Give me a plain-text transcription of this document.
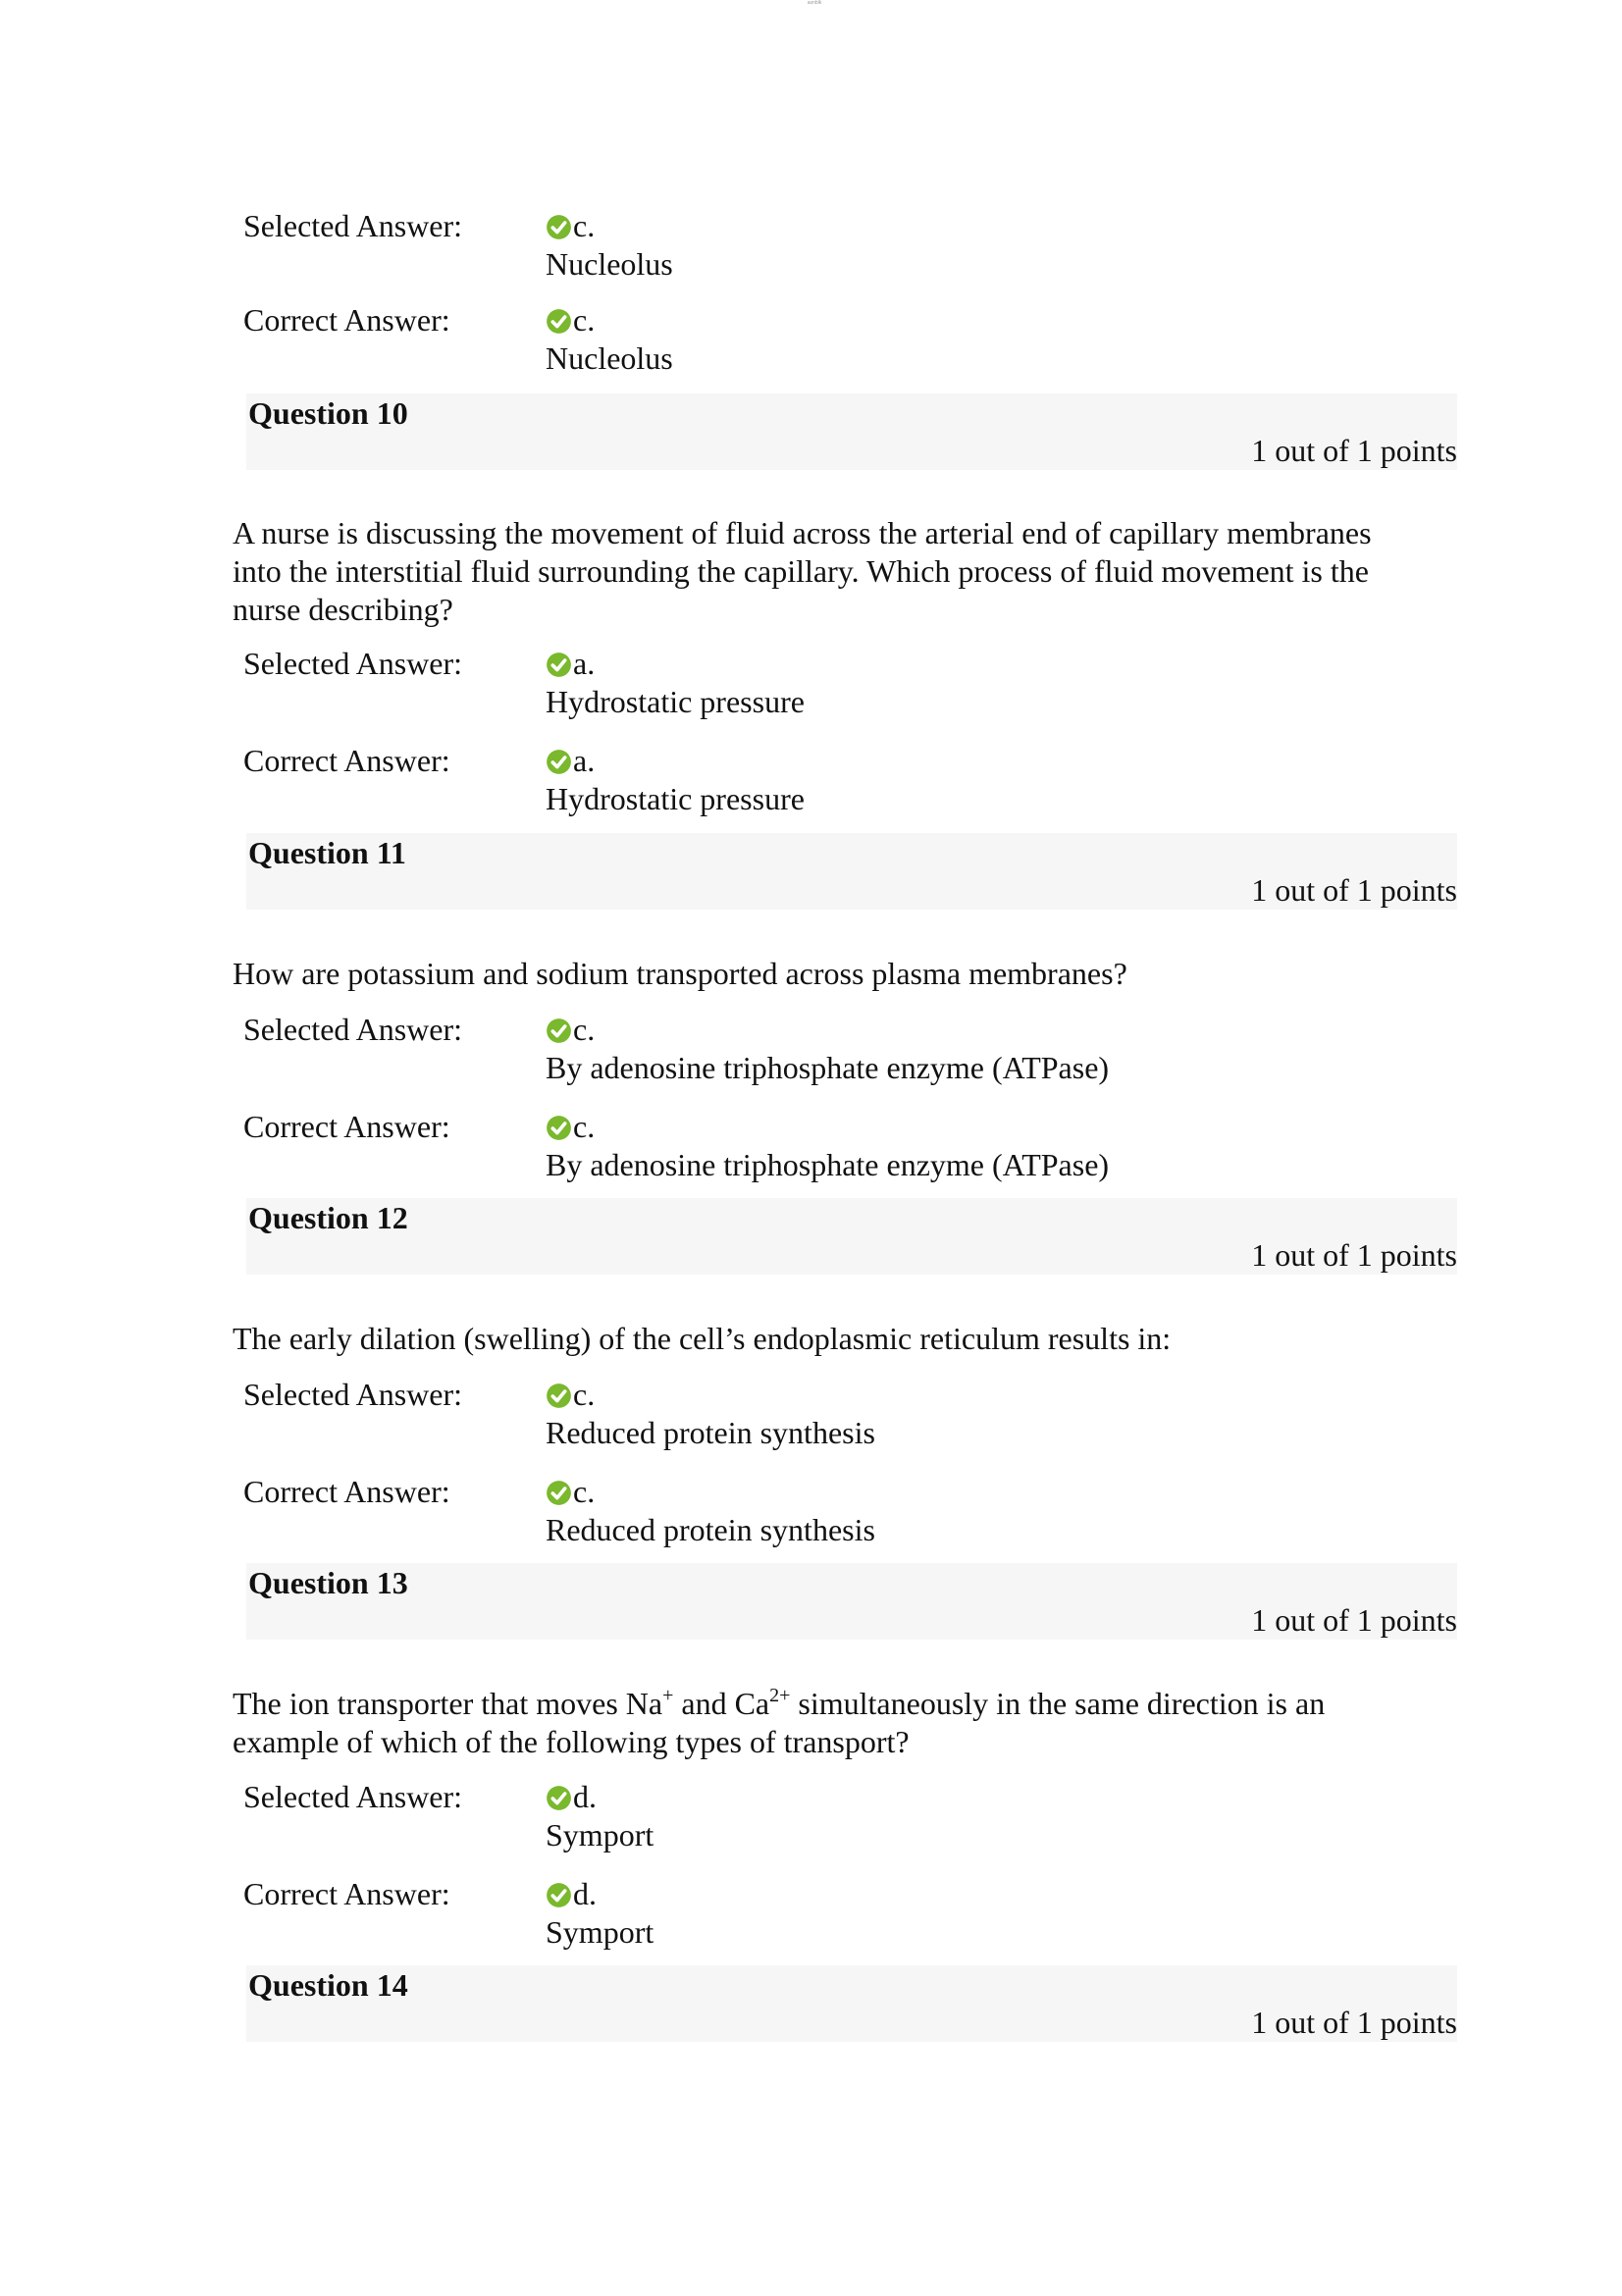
asnblk
Selected Answer:	c.
Nucleolus
Correct Answer:	c.
Nucleolus
Question 10
1 out of 1 points
A nurse is discussing the movement of fluid across the arterial end of capillary membranes into the interstitial fluid surrounding the capillary. Which process of fluid movement is the nurse describing?
Selected Answer:	a.
Hydrostatic pressure
Correct Answer:	a.
Hydrostatic pressure
Question 11
1 out of 1 points
How are potassium and sodium transported across plasma membranes?
Selected Answer:	c.
By adenosine triphosphate enzyme (ATPase)
Correct Answer:	c.
By adenosine triphosphate enzyme (ATPase)
Question 12
1 out of 1 points
The early dilation (swelling) of the cell’s endoplasmic reticulum results in:
Selected Answer:	c.
Reduced protein synthesis
Correct Answer:	c.
Reduced protein synthesis
Question 13
1 out of 1 points
The ion transporter that moves Na+ and $Ca^{2+}$ simultaneously in the same direction is an example of which of the following types of transport?
Selected Answer:	d.
Symport
Correct Answer:	d.
Symport
Question 14
1 out of 1 points
